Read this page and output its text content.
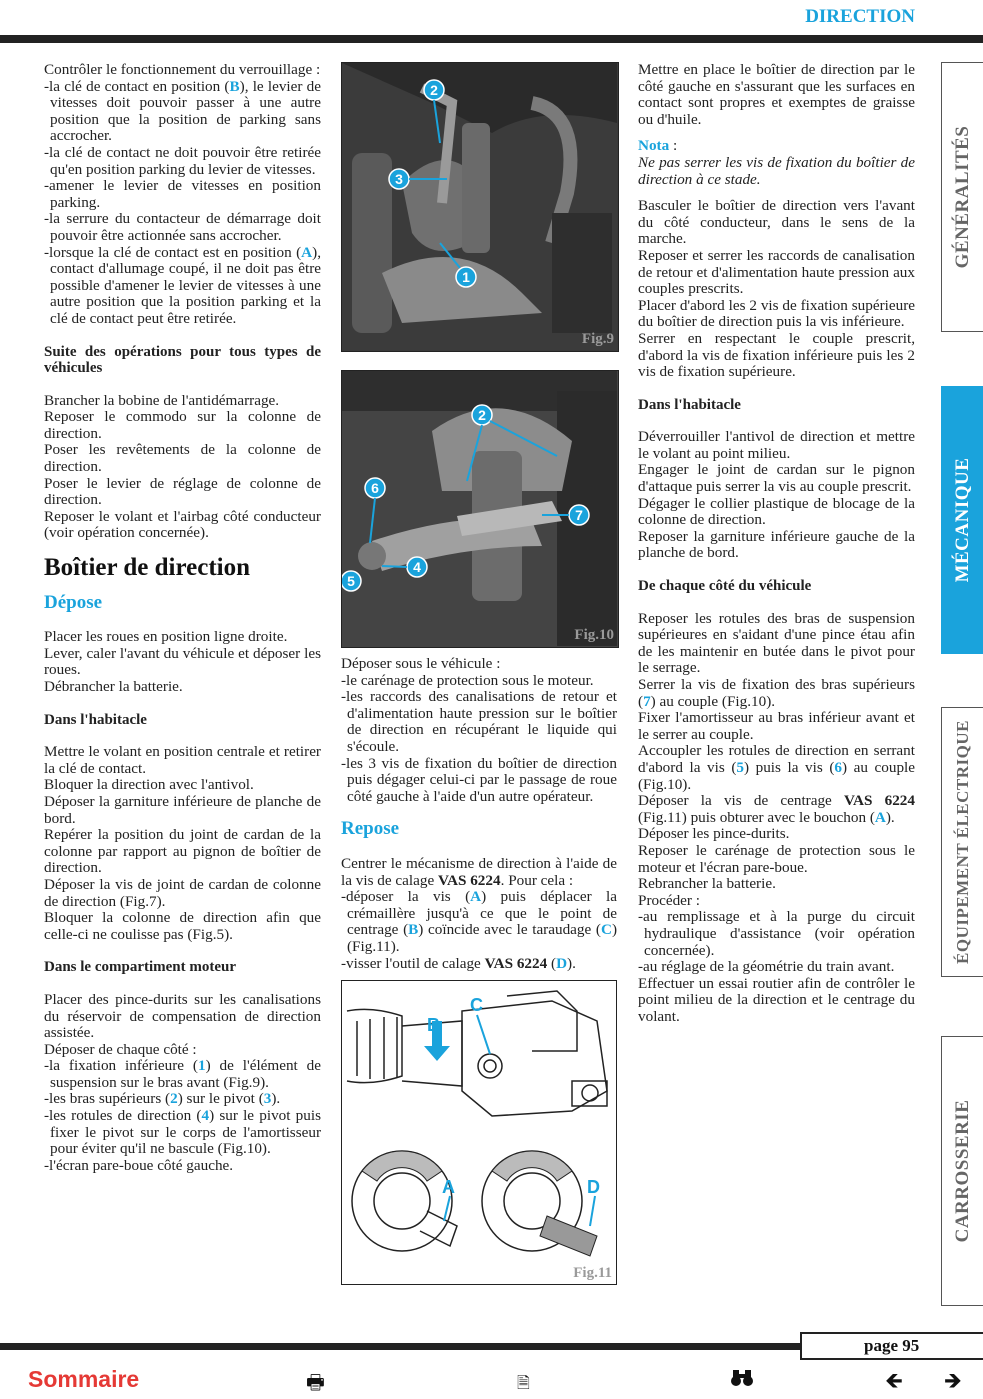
DIRECTION

Contrôler le fonctionnement du verrouillage :

-la clé de contact en position (B), le levier de vitesses doit pouvoir passer à une autre position que la position de parking sans accrocher.

-la clé de contact ne doit pouvoir être retirée qu'en position parking du levier de vitesses.

-amener le levier de vitesses en position parking.

-la serrure du contacteur de démarrage doit pouvoir être actionnée sans accrocher.

-lorsque la clé de contact est en position (A), contact d'allumage coupé, il ne doit pas être possible d'amener le levier de vitesses à une autre position que la position parking et la clé de contact peut être retirée.

Suite des opérations pour tous types de véhicules

Brancher la bobine de l'antidémarrage.

Reposer le commodo sur la colonne de direction.

Poser les revêtements de la colonne de direction.

Poser le levier de réglage de colonne de direction.

Reposer le volant et l'airbag côté conducteur (voir opération concernée).

Boîtier de direction
Dépose

Placer les roues en position ligne droite.

Lever, caler l'avant du véhicule et déposer les roues.

Débrancher la batterie.

Dans l'habitacle

Mettre le volant en position centrale et retirer la clé de contact.

Bloquer la direction avec l'antivol.

Déposer la garniture inférieure de planche de bord.

Repérer la position du joint de cardan de la colonne par rapport au pignon de boîtier de direction.

Déposer la vis de joint de cardan de colonne de direction (Fig.7).

Bloquer la colonne de direction afin que celle-ci ne coulisse pas (Fig.5).

Dans le compartiment moteur

Placer des pince-durits sur les canalisations du réservoir de compensation de direction assistée.

Déposer de chaque côté :

-la fixation inférieure (1) de l'élément de suspension sur le bras avant (Fig.9).

-les bras supérieurs (2) sur le pivot (3).

-les rotules de direction (4) sur le pivot puis fixer le pivot sur le corps de l'amortisseur pour éviter qu'il ne bascule (Fig.10).

-l'écran pare-boue côté gauche.

2
3
1
Fig.9
2
6
7
5
4
Fig.10

Déposer sous le véhicule :

-le carénage de protection sous le moteur.

-les raccords des canalisations de retour et d'alimentation haute pression sur le boîtier de direction en récupérant le liquide qui s'écoule.

-les 3 vis de fixation du boîtier de direction puis dégager celui-ci par le passage de roue côté gauche à l'aide d'un autre opérateur.

Repose

Centrer le mécanisme de direction à l'aide de la vis de calage VAS 6224. Pour cela :

-déposer la vis (A) puis déplacer la crémaillère jusqu'à ce que le point de centrage (B) coïncide avec le taraudage (C) (Fig.11).

-visser l'outil de calage VAS 6224 (D).

C
B
A	D
Fig.11

Mettre en place le boîtier de direction par le côté gauche en s'assurant que les surfaces en contact sont propres et exemptes de graisse ou d'huile.

Nota :

Ne pas serrer les vis de fixation du boîtier de direction à ce stade.

Basculer le boîtier de direction vers l'avant du côté conducteur, dans le sens de la marche.

Reposer et serrer les raccords de canalisation de retour et d'alimentation haute pression aux couples prescrits.

Placer d'abord les 2 vis de fixation supérieure du boîtier de direction puis la vis inférieure.

Serrer en respectant le couple prescrit, d'abord la vis de fixation inférieure puis les 2 vis de fixation supérieure.

Dans l'habitacle

Déverrouiller l'antivol de direction et mettre le volant au point milieu.

Engager le joint de cardan sur le pignon d'attaque puis serrer la vis au couple prescrit.

Dégager le collier plastique de blocage de la colonne de direction.

Reposer la garniture inférieure gauche de la planche de bord.

De chaque côté du véhicule

Reposer les rotules des bras de suspension supérieures en s'aidant d'une pince étau afin de les maintenir en butée dans le pivot pour le serrage.

Serrer la vis de fixation des bras supérieurs (7) au couple (Fig.10).

Fixer l'amortisseur au bras inférieur avant et le serrer au couple.

Accoupler les rotules de direction en serrant d'abord la vis (5) puis la vis (6) au couple (Fig.10).

Déposer la vis de centrage VAS 6224 (Fig.11) puis obturer avec le bouchon (A).

Déposer les pince-durits.

Reposer le carénage de protection sous le moteur et l'écran pare-boue.

Rebrancher la batterie.

Procéder :

-au remplissage et à la purge du circuit hydraulique d'assistance (voir opération concernée).

-au réglage de la géométrie du train avant.

Effectuer un essai routier afin de contrôler le point milieu de la direction et le centrage du volant.

GÉNÉRALITÉS
MÉCANIQUE
ÉQUIPEMENT ÉLECTRIQUE
CARROSSERIE
page 95
Sommaire	🖶	🗎	🡸 🡺
